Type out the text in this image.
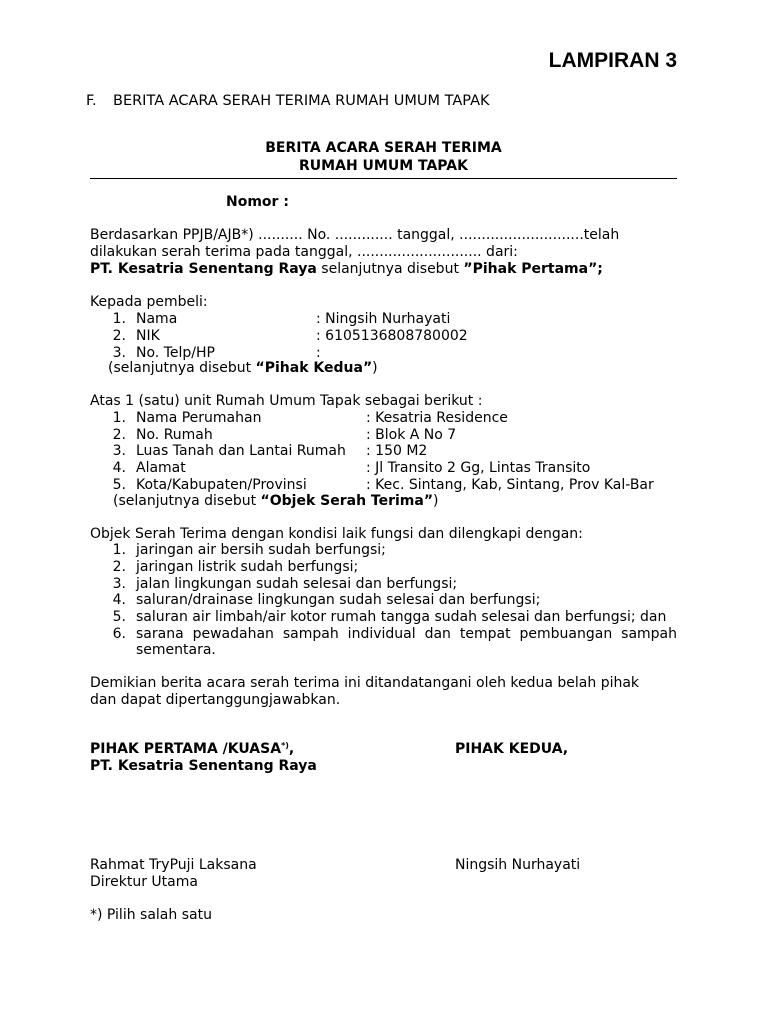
LAMPIRAN 3
F. BERITA ACARA SERAH TERIMA RUMAH UMUM TAPAK
BERITA ACARA SERAH TERIMA
RUMAH UMUM TAPAK
Nomor :
Berdasarkan PPJB/AJB*) .......... No. ............. tanggal, ............................telah
dilakukan serah terima pada tanggal, ............................ dari:
PT. Kesatria Senentang Raya selanjutnya disebut ”Pihak Pertama”;
Kepada pembeli:
1. Nama	: Ningsih Nurhayati
2. NIK	: 6105136808780002
3. No. Telp/HP	:
(selanjutnya disebut “Pihak Kedua”)
Atas 1 (satu) unit Rumah Umum Tapak sebagai berikut :
1. Nama Perumahan	: Kesatria Residence
2. No. Rumah	: Blok A No 7
3. Luas Tanah dan Lantai Rumah : 150 M2
4. Alamat	: Jl Transito 2 Gg, Lintas Transito
5. Kota/Kabupaten/Provinsi	: Kec. Sintang, Kab, Sintang, Prov Kal-Bar
(selanjutnya disebut “Objek Serah Terima”)
Objek Serah Terima dengan kondisi laik fungsi dan dilengkapi dengan:
1. jaringan air bersih sudah berfungsi;
2. jaringan listrik sudah berfungsi;
3. jalan lingkungan sudah selesai dan berfungsi;
4. saluran/drainase lingkungan sudah selesai dan berfungsi;
5. saluran air limbah/air kotor rumah tangga sudah selesai dan berfungsi; dan
6. sarana pewadahan sampah individual dan tempat pembuangan sampah
sementara.
Demikian berita acara serah terima ini ditandatangani oleh kedua belah pihak
dan dapat dipertanggungjawabkan.
PIHAK PERTAMA /KUASA*),
PT. Kesatria Senentang Raya
PIHAK KEDUA,
Rahmat TryPuji Laksana
Direktur Utama
Ningsih Nurhayati
*) Pilih salah satu
